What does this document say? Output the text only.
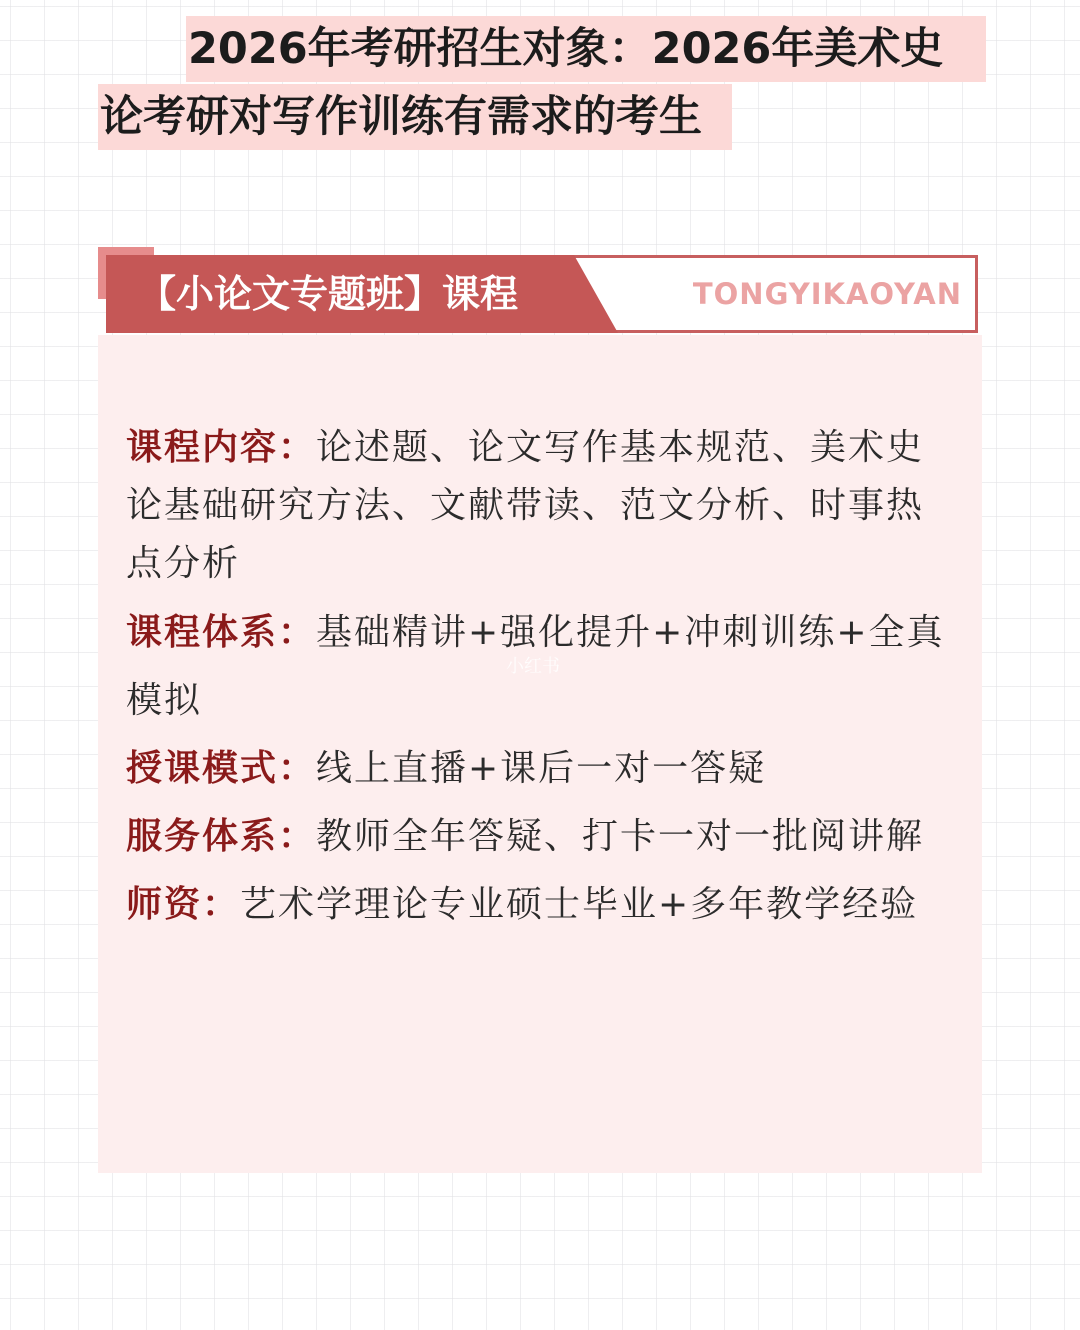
2026年考研招生对象：2026年美术史
论考研对写作训练有需求的考生
【小论文专题班】课程	TONGYIKAOYAN

课程内容：论述题、论文写作基本规范、美术史论基础研究方法、文献带读、范文分析、时事热点分析

课程体系：基础精讲+强化提升+冲刺训练+全真模拟

授课模式：线上直播+课后一对一答疑

服务体系：教师全年答疑、打卡一对一批阅讲解

师资：艺术学理论专业硕士毕业+多年教学经验

小红书
